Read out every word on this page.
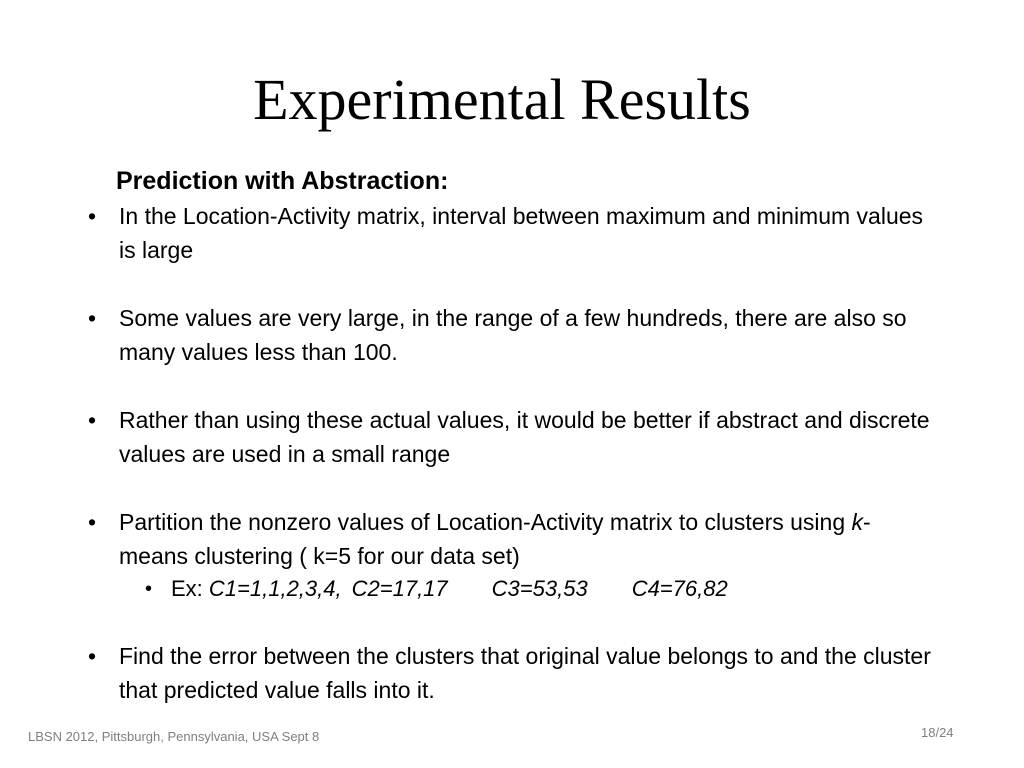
Experimental Results
Prediction with Abstraction:
• In the Location-Activity matrix, interval between maximum and minimum values is large
• Some values are very large, in the range of a few hundreds, there are also so many values less than 100.
• Rather than using these actual values, it would be better if abstract and discrete values are used in a small range
• Partition the nonzero values of Location-Activity matrix to clusters using k-means clustering ( k=5 for our data set)
• Ex: C1=1,1,2,3,4, C2=17,17 C3=53,53 C4=76,82
• Find the error between the clusters that original value belongs to and the cluster that predicted value falls into it.
LBSN 2012, Pittsburgh, Pennsylvania, USA Sept 8	18/24
